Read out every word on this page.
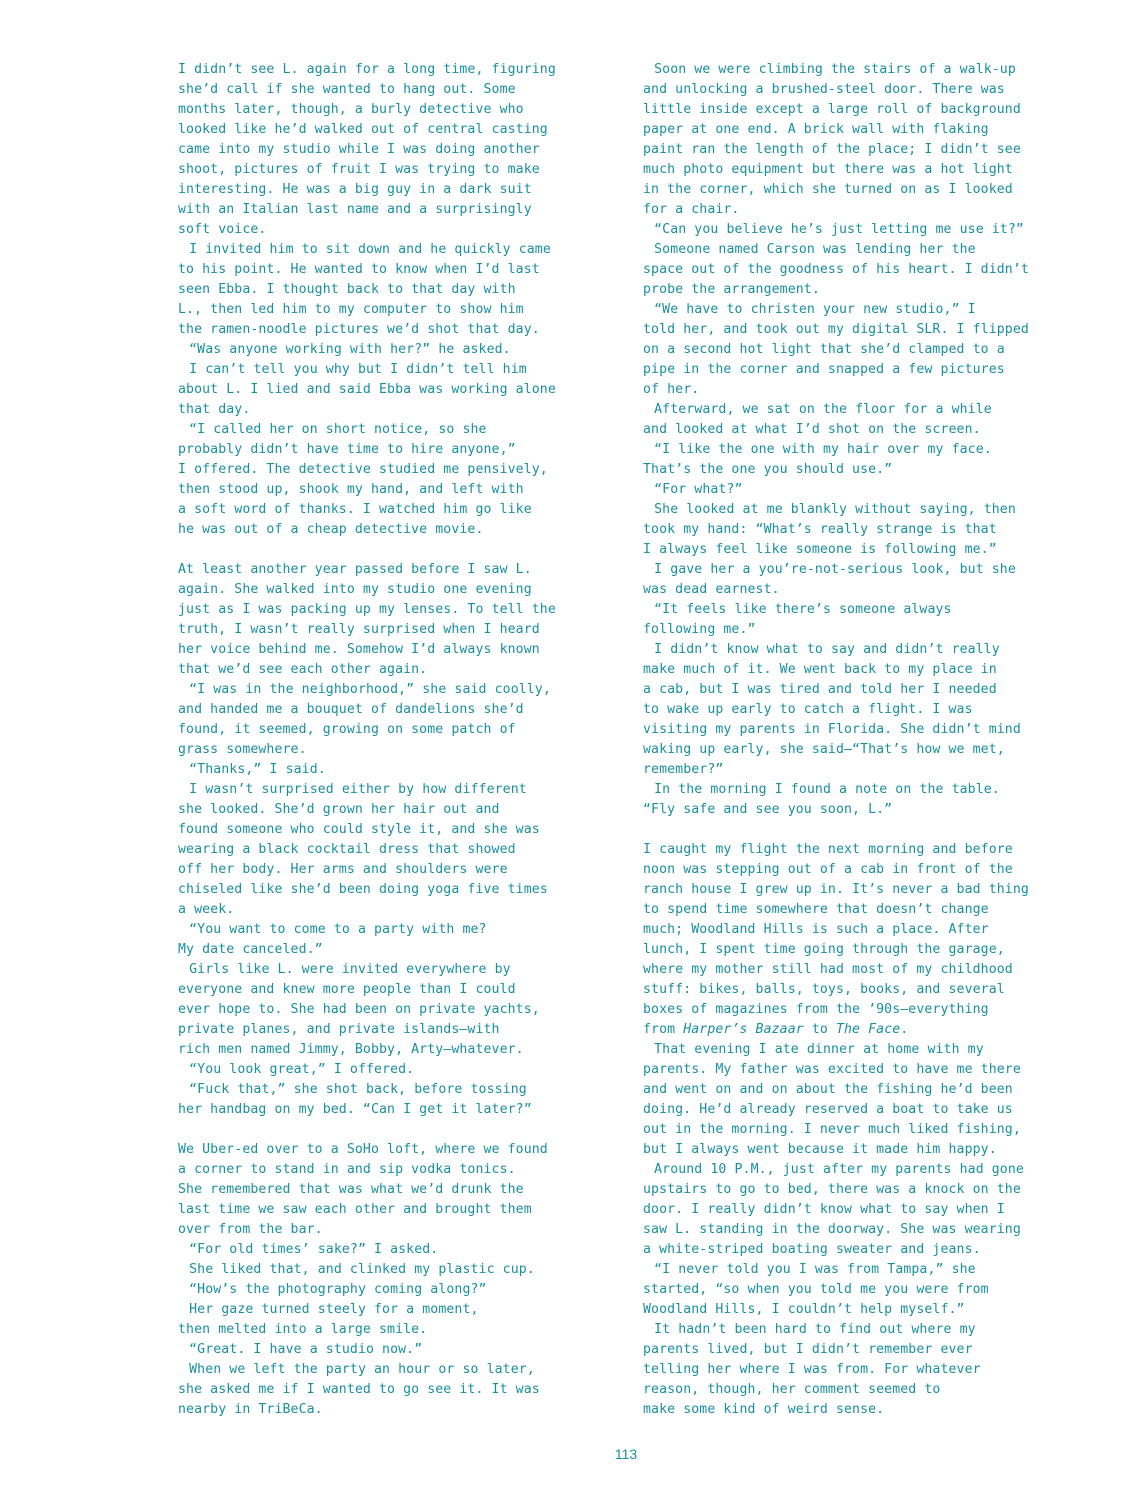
I didn’t see L. again for a long time, figuring
she’d call if she wanted to hang out. Some
months later, though, a burly detective who
looked like he’d walked out of central casting
came into my studio while I was doing another
shoot, pictures of fruit I was trying to make
interesting. He was a big guy in a dark suit
with an Italian last name and a surprisingly
soft voice.

I invited him to sit down and he quickly came
to his point. He wanted to know when I’d last
seen Ebba. I thought back to that day with
L., then led him to my computer to show him
the ramen-noodle pictures we’d shot that day.

“Was anyone working with her?” he asked.

I can’t tell you why but I didn’t tell him
about L. I lied and said Ebba was working alone
that day.

“I called her on short notice, so she
probably didn’t have time to hire anyone,”
I offered. The detective studied me pensively,
then stood up, shook my hand, and left with
a soft word of thanks. I watched him go like
he was out of a cheap detective movie.

At least another year passed before I saw L.
again. She walked into my studio one evening
just as I was packing up my lenses. To tell the
truth, I wasn’t really surprised when I heard
her voice behind me. Somehow I’d always known
that we’d see each other again.

“I was in the neighborhood,” she said coolly,
and handed me a bouquet of dandelions she’d
found, it seemed, growing on some patch of
grass somewhere.

“Thanks,” I said.

I wasn’t surprised either by how different
she looked. She’d grown her hair out and
found someone who could style it, and she was
wearing a black cocktail dress that showed
off her body. Her arms and shoulders were
chiseled like she’d been doing yoga five times
a week.

“You want to come to a party with me?
My date canceled.”

Girls like L. were invited everywhere by
everyone and knew more people than I could
ever hope to. She had been on private yachts,
private planes, and private islands—with
rich men named Jimmy, Bobby, Arty—whatever.

“You look great,” I offered.

“Fuck that,” she shot back, before tossing
her handbag on my bed. “Can I get it later?”

We Uber-ed over to a SoHo loft, where we found
a corner to stand in and sip vodka tonics.
She remembered that was what we’d drunk the
last time we saw each other and brought them
over from the bar.

“For old times’ sake?” I asked.

She liked that, and clinked my plastic cup.

“How’s the photography coming along?”

Her gaze turned steely for a moment,
then melted into a large smile.

“Great. I have a studio now.”

When we left the party an hour or so later,
she asked me if I wanted to go see it. It was
nearby in TriBeCa.

Soon we were climbing the stairs of a walk-up
and unlocking a brushed-steel door. There was
little inside except a large roll of background
paper at one end. A brick wall with flaking
paint ran the length of the place; I didn’t see
much photo equipment but there was a hot light
in the corner, which she turned on as I looked
for a chair.

“Can you believe he’s just letting me use it?”

Someone named Carson was lending her the
space out of the goodness of his heart. I didn’t
probe the arrangement.

“We have to christen your new studio,” I
told her, and took out my digital SLR. I flipped
on a second hot light that she’d clamped to a
pipe in the corner and snapped a few pictures
of her.

Afterward, we sat on the floor for a while
and looked at what I’d shot on the screen.

“I like the one with my hair over my face.
That’s the one you should use.”

“For what?”

She looked at me blankly without saying, then
took my hand: “What’s really strange is that
I always feel like someone is following me.”

I gave her a you’re-not-serious look, but she
was dead earnest.

“It feels like there’s someone always
following me.”

I didn’t know what to say and didn’t really
make much of it. We went back to my place in
a cab, but I was tired and told her I needed
to wake up early to catch a flight. I was
visiting my parents in Florida. She didn’t mind
waking up early, she said—“That’s how we met,
remember?”

In the morning I found a note on the table.
“Fly safe and see you soon, L.”

I caught my flight the next morning and before
noon was stepping out of a cab in front of the
ranch house I grew up in. It’s never a bad thing
to spend time somewhere that doesn’t change
much; Woodland Hills is such a place. After
lunch, I spent time going through the garage,
where my mother still had most of my childhood
stuff: bikes, balls, toys, books, and several
boxes of magazines from the ’90s—everything
from Harper’s Bazaar to The Face.

That evening I ate dinner at home with my
parents. My father was excited to have me there
and went on and on about the fishing he’d been
doing. He’d already reserved a boat to take us
out in the morning. I never much liked fishing,
but I always went because it made him happy.

Around 10 P.M., just after my parents had gone
upstairs to go to bed, there was a knock on the
door. I really didn’t know what to say when I
saw L. standing in the doorway. She was wearing
a white-striped boating sweater and jeans.

“I never told you I was from Tampa,” she
started, “so when you told me you were from
Woodland Hills, I couldn’t help myself.”

It hadn’t been hard to find out where my
parents lived, but I didn’t remember ever
telling her where I was from. For whatever
reason, though, her comment seemed to
make some kind of weird sense.

113
